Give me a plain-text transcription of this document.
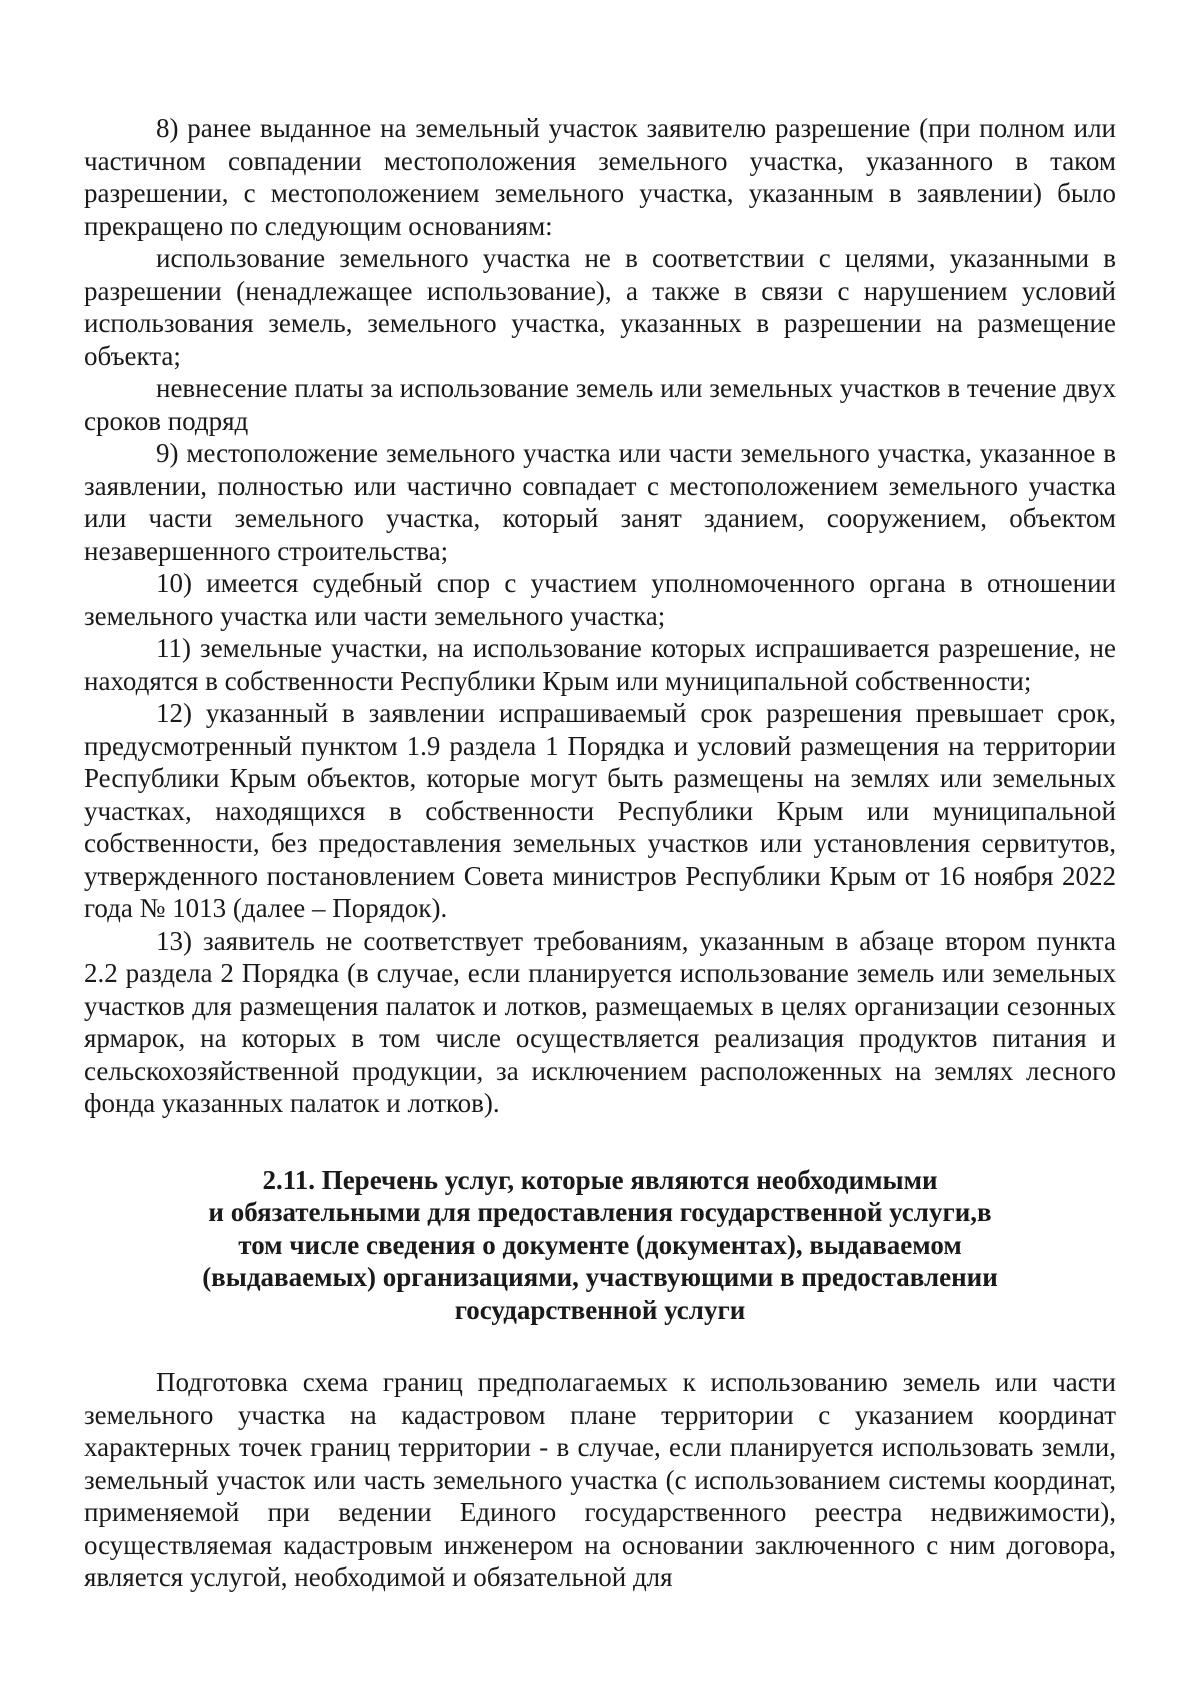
8) ранее выданное на земельный участок заявителю разрешение (при полном или частичном совпадении местоположения земельного участка, указанного в таком разрешении, с местоположением земельного участка, указанным в заявлении) было прекращено по следующим основаниям:

использование земельного участка не в соответствии с целями, указанными в разрешении (ненадлежащее использование), а также в связи с нарушением условий использования земель, земельного участка, указанных в разрешении на размещение объекта;

невнесение платы за использование земель или земельных участков в течение двух сроков подряд

9) местоположение земельного участка или части земельного участка, указанное в заявлении, полностью или частично совпадает с местоположением земельного участка или части земельного участка, который занят зданием, сооружением, объектом незавершенного строительства;

10) имеется судебный спор с участием уполномоченного органа в отношении земельного участка или части земельного участка;

11) земельные участки, на использование которых испрашивается разрешение, не находятся в собственности Республики Крым или муниципальной собственности;

12) указанный в заявлении испрашиваемый срок разрешения превышает срок, предусмотренный пунктом 1.9 раздела 1 Порядка и условий размещения на территории Республики Крым объектов, которые могут быть размещены на землях или земельных участках, находящихся в собственности Республики Крым или муниципальной собственности, без предоставления земельных участков или установления сервитутов, утвержденного постановлением Совета министров Республики Крым от 16 ноября 2022 года № 1013 (далее – Порядок).

13) заявитель не соответствует требованиям, указанным в абзаце втором пункта 2.2 раздела 2 Порядка (в случае, если планируется использование земель или земельных участков для размещения палаток и лотков, размещаемых в целях организации сезонных ярмарок, на которых в том числе осуществляется реализация продуктов питания и сельскохозяйственной продукции, за исключением расположенных на землях лесного фонда указанных палаток и лотков).

2.11. Перечень услуг, которые являются необходимыми
и обязательными для предоставления государственной услуги,в
том числе сведения о документе (документах), выдаваемом
(выдаваемых) организациями, участвующими в предоставлении
государственной услуги

Подготовка схема границ предполагаемых к использованию земель или части земельного участка на кадастровом плане территории с указанием координат характерных точек границ территории - в случае, если планируется использовать земли, земельный участок или часть земельного участка (с использованием системы координат, применяемой при ведении Единого государственного реестра недвижимости), осуществляемая кадастровым инженером на основании заключенного с ним договора, является услугой, необходимой и обязательной для
